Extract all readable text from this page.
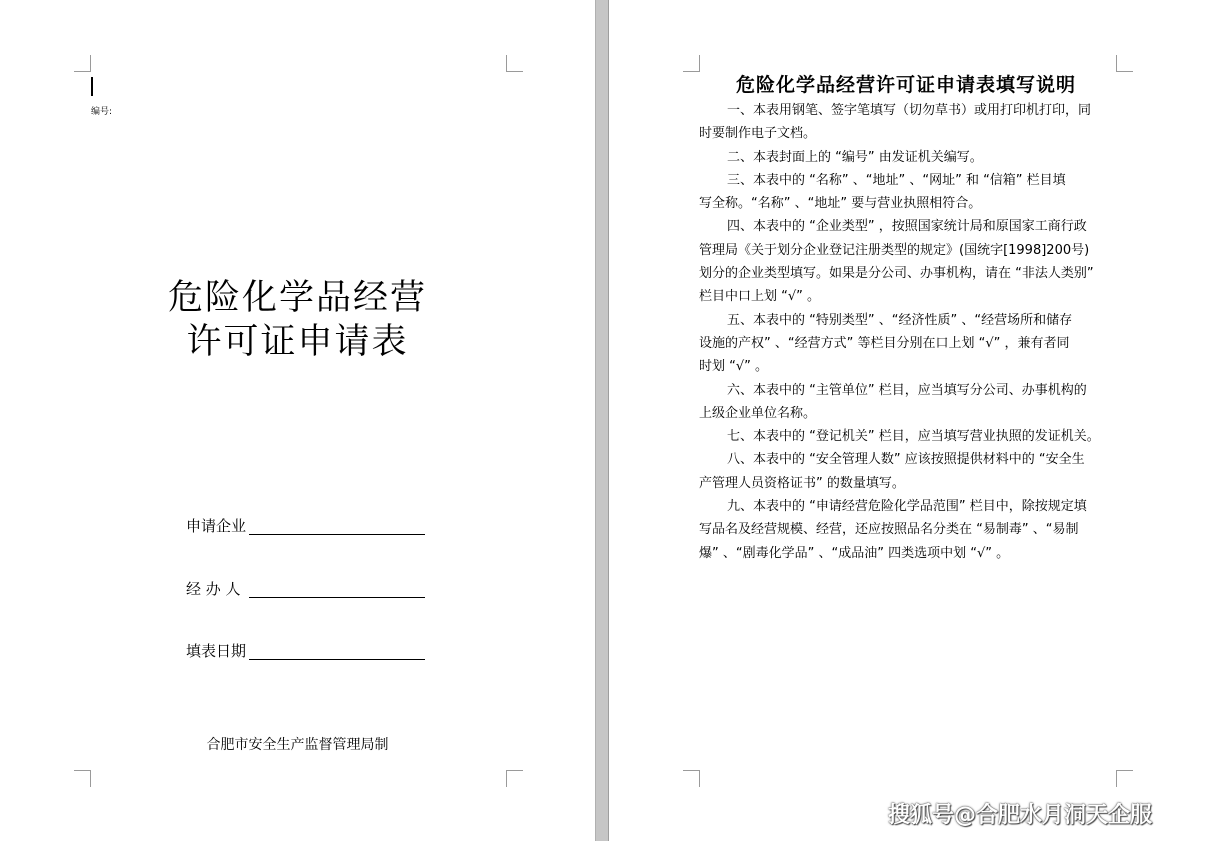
编号:
危险化学品经营
许可证申请表
申请企业
经 办 人
填表日期
合肥市安全生产监督管理局制
危险化学品经营许可证申请表填写说明

一、本表用钢笔、签字笔填写（切勿草书）或用打印机打印，同

时要制作电子文档。

二、本表封面上的 “编号” 由发证机关编写。

三、本表中的 “名称” 、“地址” 、“网址” 和 “信箱” 栏目填

写全称。“名称” 、“地址” 要与营业执照相符合。

四、本表中的 “企业类型” ，按照国家统计局和原国家工商行政

管理局《关于划分企业登记注册类型的规定》(国统字[1998]200号)

划分的企业类型填写。如果是分公司、办事机构，请在 “非法人类别”

栏目中口上划 “√” 。

五、本表中的 “特别类型” 、“经济性质” 、“经营场所和储存

设施的产权” 、“经营方式” 等栏目分别在口上划 “√” ，兼有者同

时划 “√” 。

六、本表中的 “主管单位” 栏目，应当填写分公司、办事机构的

上级企业单位名称。

七、本表中的 “登记机关” 栏目，应当填写营业执照的发证机关。

八、本表中的 “安全管理人数” 应该按照提供材料中的 “安全生

产管理人员资格证书” 的数量填写。

九、本表中的 “申请经营危险化学品范围” 栏目中，除按规定填

写品名及经营规模、经营，还应按照品名分类在 “易制毒” 、“易制

爆” 、“剧毒化学品” 、“成品油” 四类选项中划 “√” 。

搜狐号@合肥水月洞天企服
